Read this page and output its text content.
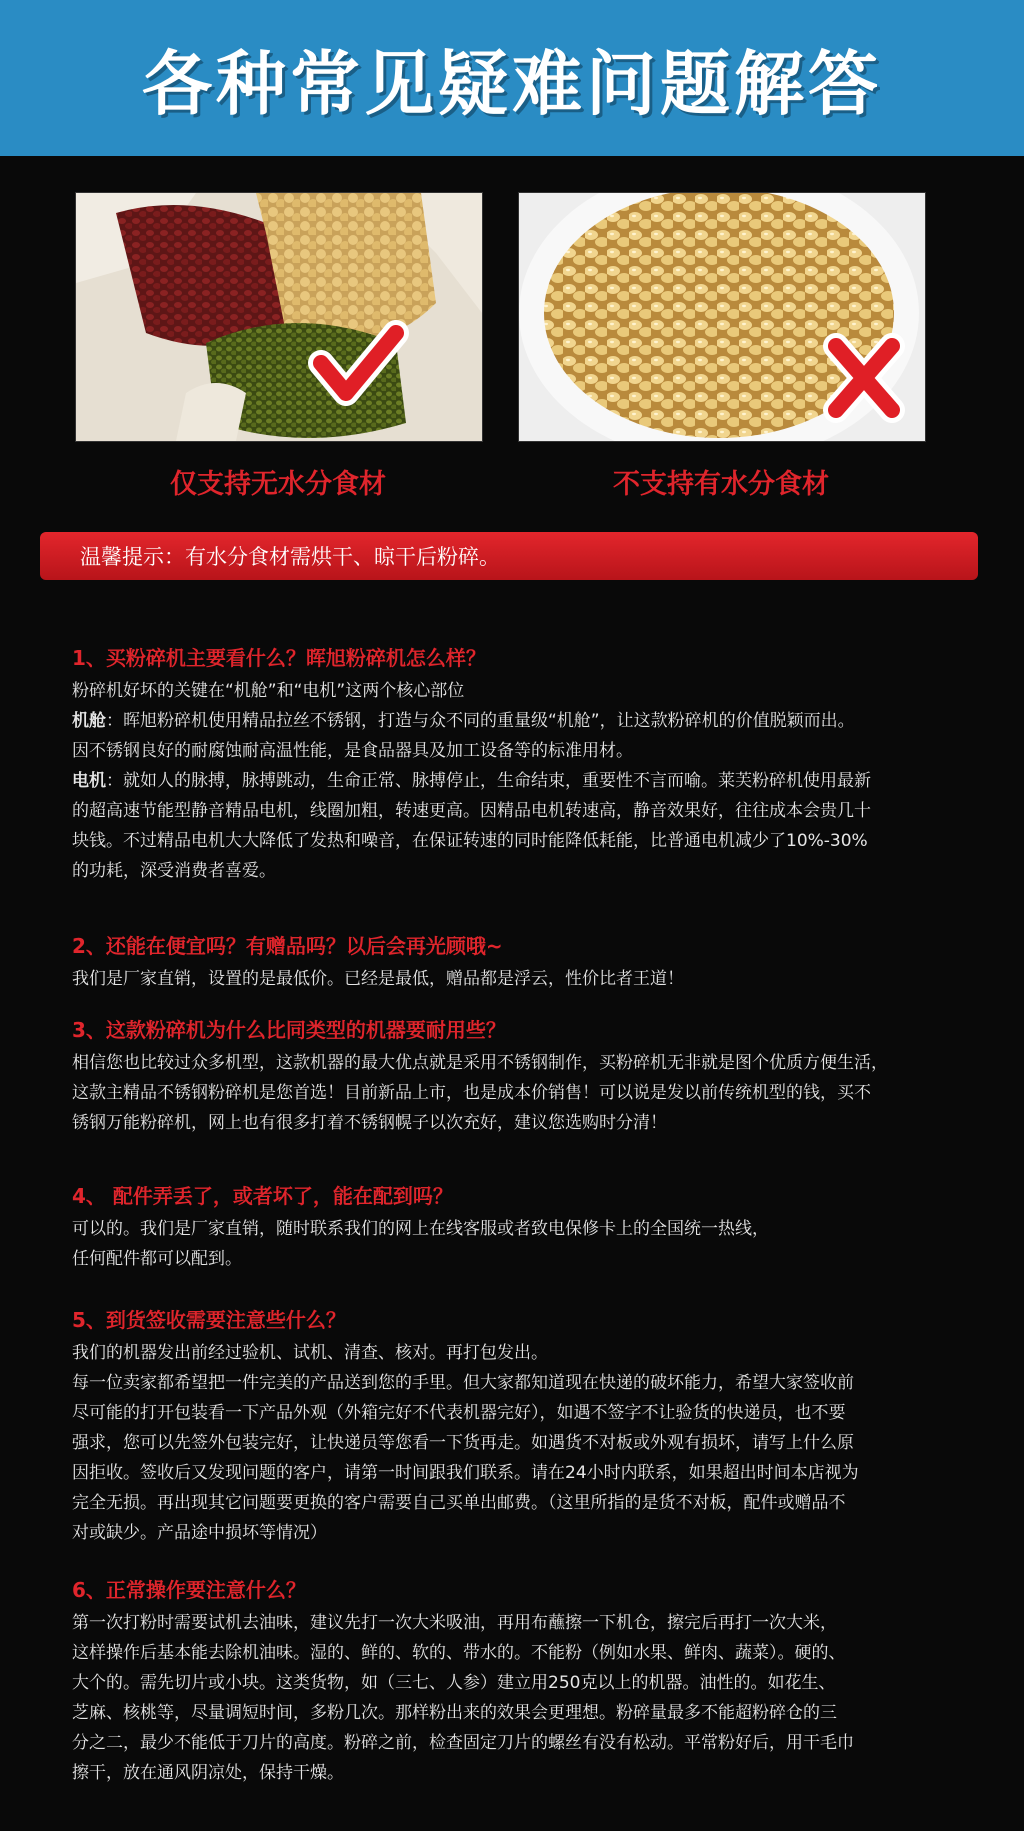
各种常见疑难问题解答
仅支持无水分食材	不支持有水分食材
温馨提示：有水分食材需烘干、晾干后粉碎。

1、买粉碎机主要看什么？晖旭粉碎机怎么样？

粉碎机好坏的关键在“机舱”和“电机”这两个核心部位

机舱：晖旭粉碎机使用精品拉丝不锈钢，打造与众不同的重量级“机舱”，让这款粉碎机的价值脱颖而出。

因不锈钢良好的耐腐蚀耐高温性能，是食品器具及加工设备等的标准用材。

电机：就如人的脉搏，脉搏跳动，生命正常、脉搏停止，生命结束，重要性不言而喻。莱芙粉碎机使用最新

的超高速节能型静音精品电机，线圈加粗，转速更高。因精品电机转速高，静音效果好，往往成本会贵几十

块钱。不过精品电机大大降低了发热和噪音，在保证转速的同时能降低耗能，比普通电机减少了10%-30%

的功耗，深受消费者喜爱。

2、还能在便宜吗？有赠品吗？以后会再光顾哦~

我们是厂家直销，设置的是最低价。已经是最低，赠品都是浮云，性价比者王道！

3、这款粉碎机为什么比同类型的机器要耐用些？

相信您也比较过众多机型，这款机器的最大优点就是采用不锈钢制作，买粉碎机无非就是图个优质方便生活，

这款主精品不锈钢粉碎机是您首选！目前新品上市，也是成本价销售！可以说是发以前传统机型的钱，买不

锈钢万能粉碎机，网上也有很多打着不锈钢幌子以次充好，建议您选购时分清！

4、 配件弄丢了，或者坏了，能在配到吗？

可以的。我们是厂家直销，随时联系我们的网上在线客服或者致电保修卡上的全国统一热线，

任何配件都可以配到。

5、到货签收需要注意些什么？

我们的机器发出前经过验机、试机、清查、核对。再打包发出。

每一位卖家都希望把一件完美的产品送到您的手里。但大家都知道现在快递的破坏能力，希望大家签收前

尽可能的打开包装看一下产品外观（外箱完好不代表机器完好），如遇不签字不让验货的快递员，也不要

强求，您可以先签外包装完好，让快递员等您看一下货再走。如遇货不对板或外观有损坏，请写上什么原

因拒收。签收后又发现问题的客户，请第一时间跟我们联系。请在24小时内联系，如果超出时间本店视为

完全无损。再出现其它问题要更换的客户需要自己买单出邮费。（这里所指的是货不对板，配件或赠品不

对或缺少。产品途中损坏等情况）

6、正常操作要注意什么？

第一次打粉时需要试机去油味，建议先打一次大米吸油，再用布蘸擦一下机仓，擦完后再打一次大米，

这样操作后基本能去除机油味。湿的、鲜的、软的、带水的。不能粉（例如水果、鲜肉、蔬菜）。硬的、

大个的。需先切片或小块。这类货物，如（三七、人参）建立用250克以上的机器。油性的。如花生、

芝麻、核桃等，尽量调短时间，多粉几次。那样粉出来的效果会更理想。粉碎量最多不能超粉碎仓的三

分之二，最少不能低于刀片的高度。粉碎之前，检查固定刀片的螺丝有没有松动。平常粉好后，用干毛巾

擦干，放在通风阴凉处，保持干燥。
